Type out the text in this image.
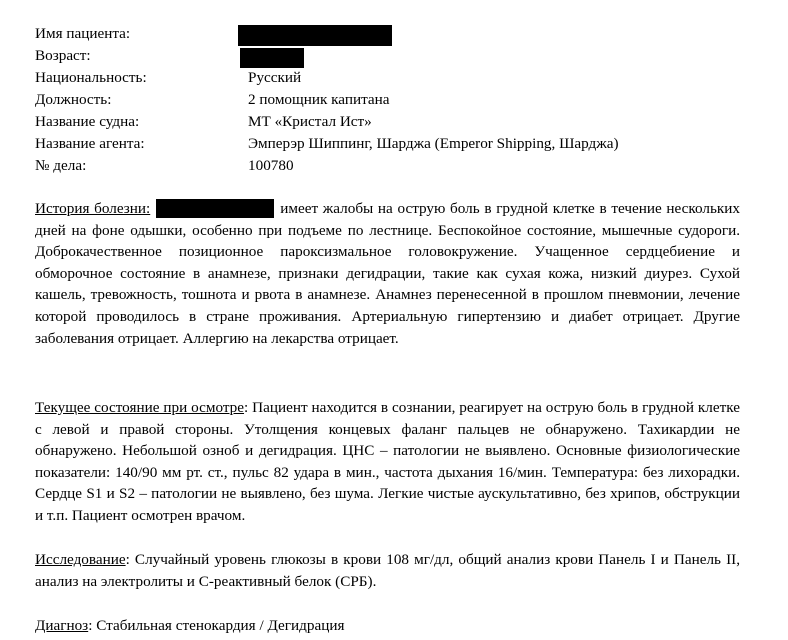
Имя пациента:
Возраст:
Национальность:	Русский
Должность:	2 помощник капитана
Название судна:	МТ «Кристал Ист»
Название агента:	Эмперэр Шиппинг, Шарджа (Emperor Shipping, Шарджа)
№ дела:	100780
История болезни:	имеет жалобы на острую боль в грудной клетке в течение нескольких дней на фоне одышки, особенно при подъеме по лестнице. Беспокойное состояние, мышечные судороги. Доброкачественное позиционное пароксизмальное головокружение. Учащенное сердцебиение и обморочное состояние в анамнезе, признаки дегидрации, такие как сухая кожа, низкий диурез. Сухой кашель, тревожность, тошнота и рвота в анамнезе. Анамнез перенесенной в прошлом пневмонии, лечение которой проводилось в стране проживания. Артериальную гипертензию и диабет отрицает. Другие заболевания отрицает. Аллергию на лекарства отрицает.
Текущее состояние при осмотре: Пациент находится в сознании, реагирует на острую боль в грудной клетке с левой и правой стороны. Утолщения концевых фаланг пальцев не обнаружено. Тахикардии не обнаружено. Небольшой озноб и дегидрация. ЦНС – патологии не выявлено. Основные физиологические показатели: 140/90 мм рт. ст., пульс 82 удара в мин., частота дыхания 16/мин. Температура: без лихорадки. Сердце S1 и S2 – патологии не выявлено, без шума. Легкие чистые аускультативно, без хрипов, обструкции и т.п. Пациент осмотрен врачом.
Исследование: Случайный уровень глюкозы в крови 108 мг/дл, общий анализ крови Панель I и Панель II, анализ на электролиты и С-реактивный белок (СРБ).
Диагноз: Стабильная стенокардия / Дегидрация
